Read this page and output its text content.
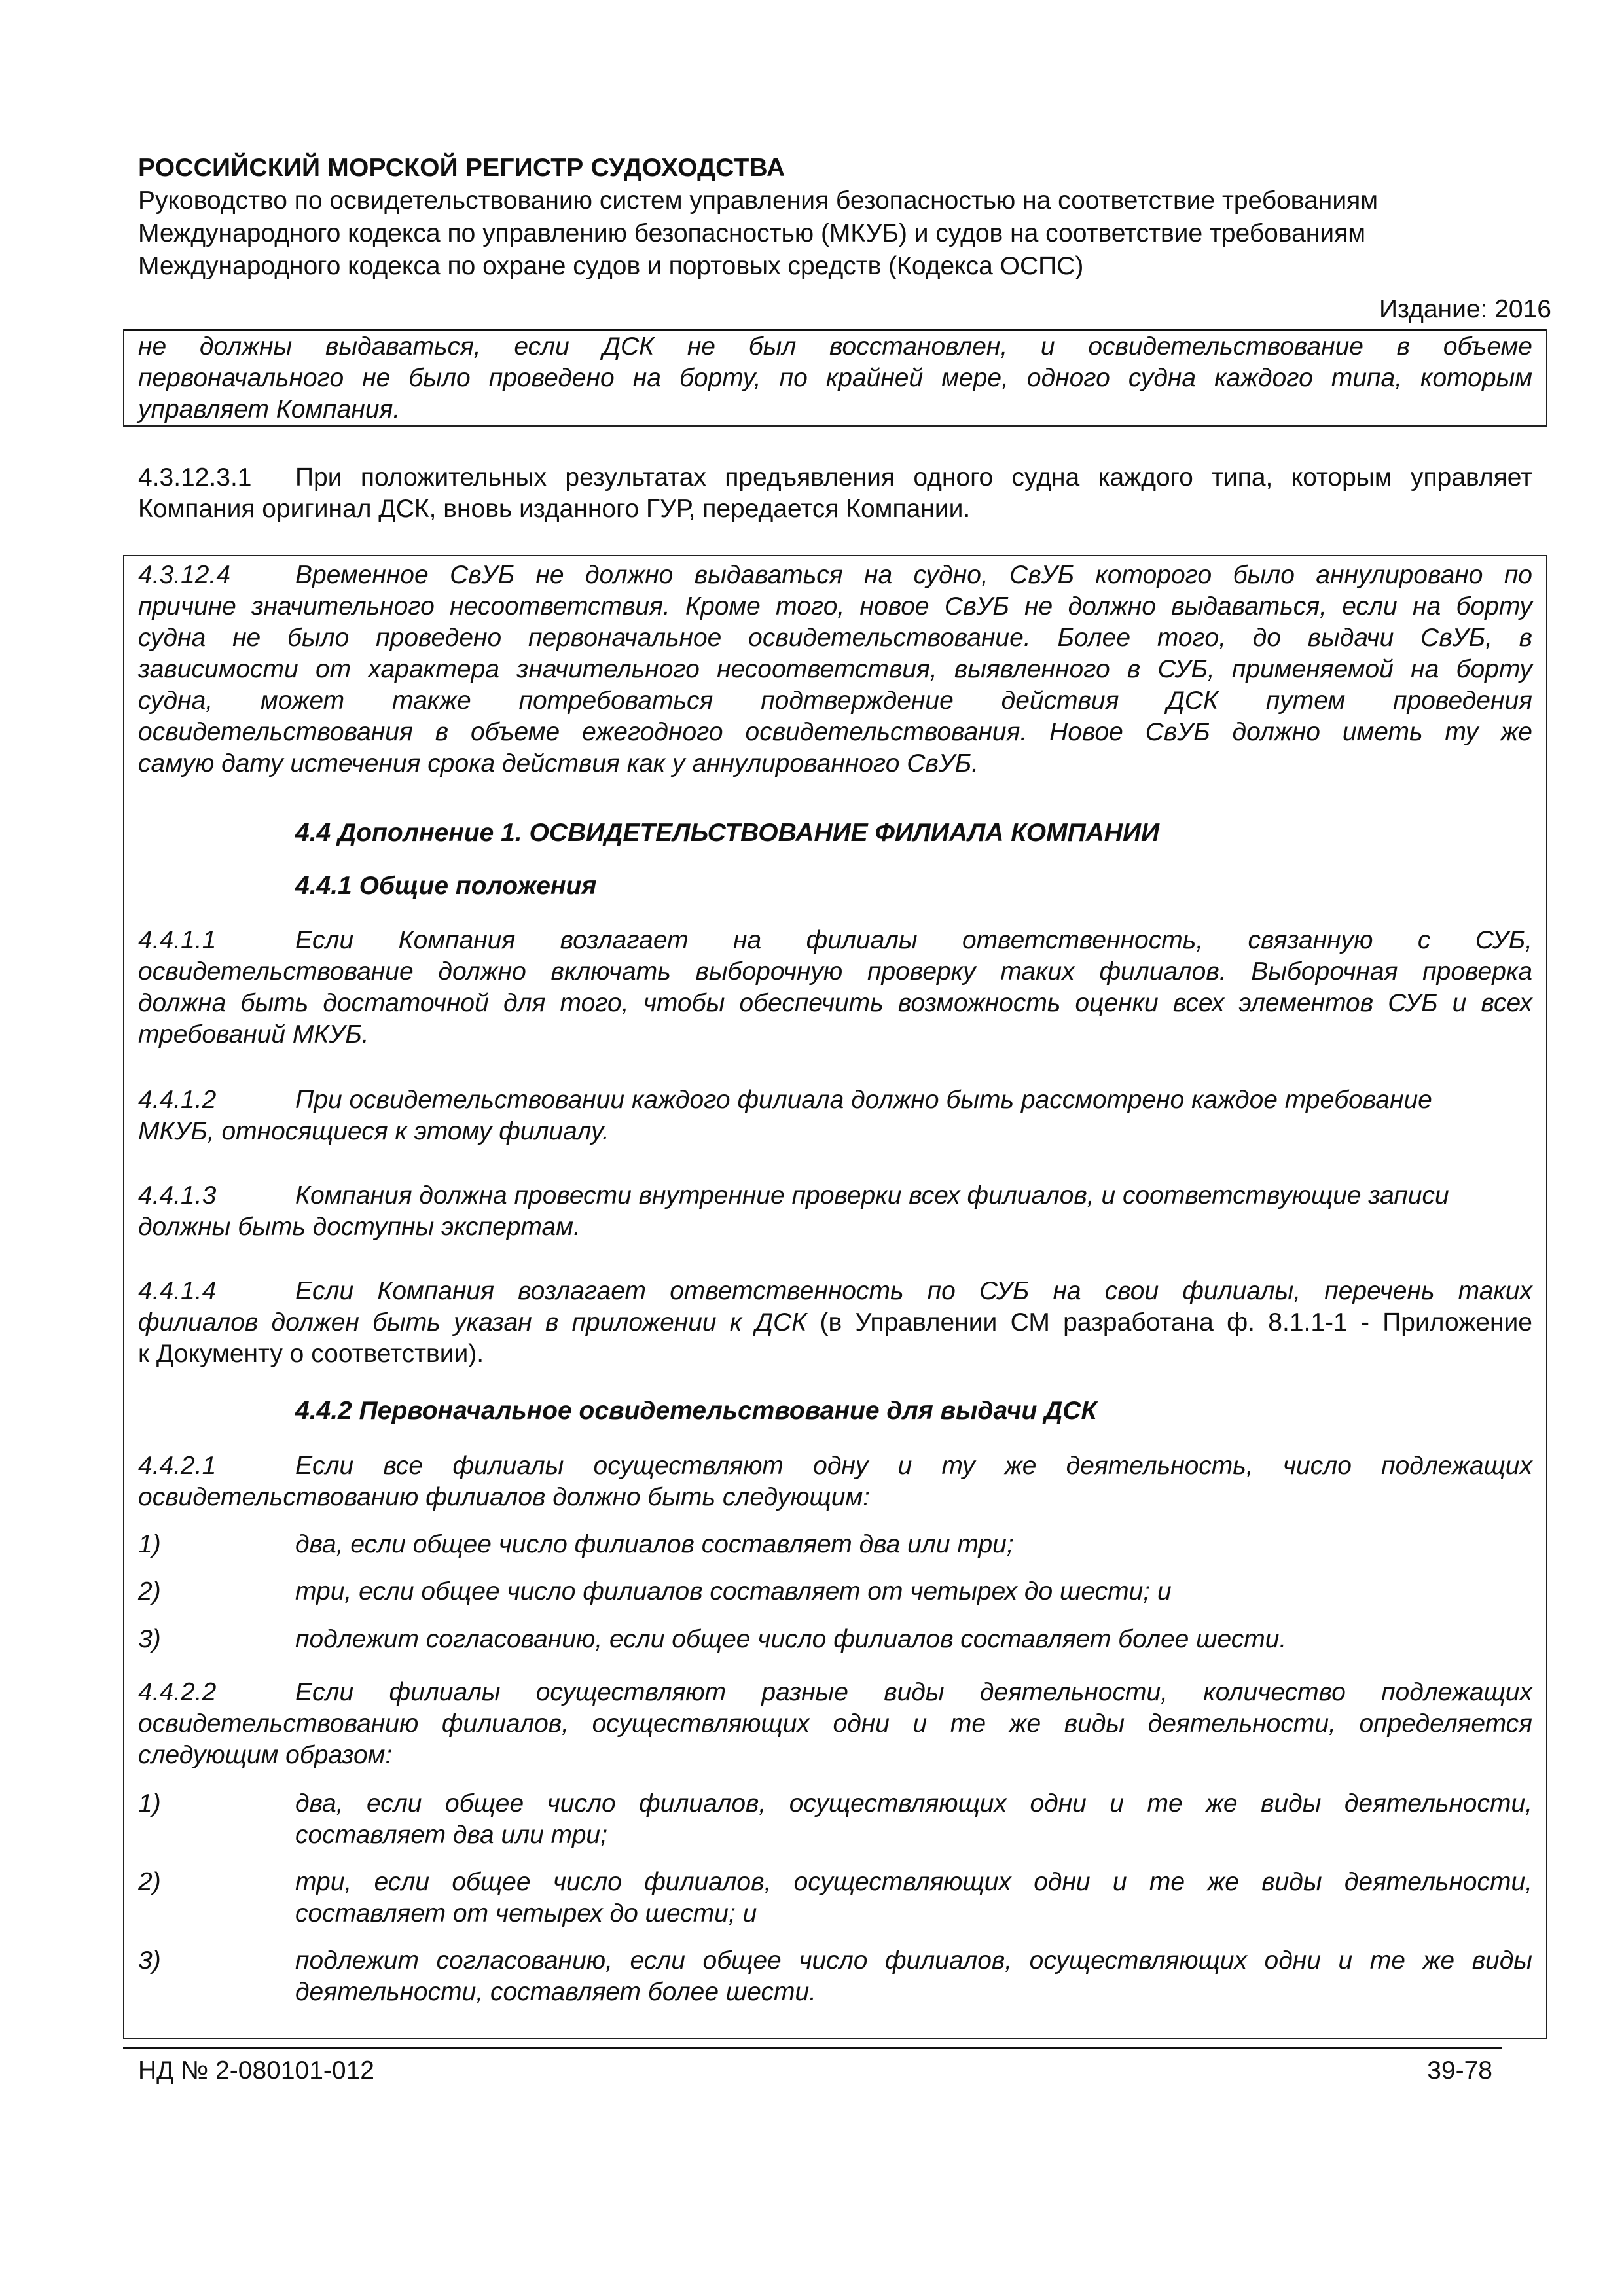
РОССИЙСКИЙ МОРСКОЙ РЕГИСТР СУДОХОДСТВА
Руководство по освидетельствованию систем управления безопасностью на соответствие требованиям
Международного кодекса по управлению безопасностью (МКУБ) и судов на соответствие требованиям
Международного кодекса по охране судов и портовых средств (Кодекса ОСПС)
Издание: 2016
не должны выдаваться, если ДСК не был восстановлен, и освидетельствование в объеме
первоначального не было проведено на борту, по крайней мере, одного судна каждого типа, которым
управляет Компания.
4.3.12.3.1 При положительных результатах предъявления одного судна каждого типа, которым управляет
Компания оригинал ДСК, вновь изданного ГУР, передается Компании.
4.3.12.4	Временное СвУБ не должно выдаваться на судно, СвУБ которого было аннулировано по
причине значительного несоответствия. Кроме того, новое СвУБ не должно выдаваться, если на борту
судна не было проведено первоначальное освидетельствование. Более того, до выдачи СвУБ, в
зависимости от характера значительного несоответствия, выявленного в СУБ, применяемой на борту
судна, может также потребоваться подтверждение действия ДСК путем проведения
освидетельствования в объеме ежегодного освидетельствования. Новое СвУБ должно иметь ту же
самую дату истечения срока действия как у аннулированного СвУБ.
4.4 Дополнение 1. ОСВИДЕТЕЛЬСТВОВАНИЕ ФИЛИАЛА КОМПАНИИ
4.4.1 Общие положения
4.4.1.1	Если Компания возлагает на филиалы ответственность, связанную с СУБ,
освидетельствование должно включать выборочную проверку таких филиалов. Выборочная проверка
должна быть достаточной для того, чтобы обеспечить возможность оценки всех элементов СУБ и всех
требований МКУБ.
4.4.1.2	При освидетельствовании каждого филиала должно быть рассмотрено каждое требование
МКУБ, относящиеся к этому филиалу.
4.4.1.3	Компания должна провести внутренние проверки всех филиалов, и соответствующие записи
должны быть доступны экспертам.
4.4.1.4	Если Компания возлагает ответственность по СУБ на свои филиалы, перечень таких
филиалов должен быть указан в приложении к ДСК (в Управлении СМ разработана ф. 8.1.1-1 - Приложение
к Документу о соответствии).
4.4.2 Первоначальное освидетельствование для выдачи ДСК
4.4.2.1	Если все филиалы осуществляют одну и ту же деятельность, число подлежащих
освидетельствованию филиалов должно быть следующим:
1)	два, если общее число филиалов составляет два или три;
2)	три, если общее число филиалов составляет от четырех до шести; и
3)	подлежит согласованию, если общее число филиалов составляет более шести.
4.4.2.2	Если филиалы осуществляют разные виды деятельности, количество подлежащих
освидетельствованию филиалов, осуществляющих одни и те же виды деятельности, определяется
следующим образом:
1)	два, если общее число филиалов, осуществляющих одни и те же виды деятельности,
составляет два или три;
2)	три, если общее число филиалов, осуществляющих одни и те же виды деятельности,
составляет от четырех до шести; и
3)	подлежит согласованию, если общее число филиалов, осуществляющих одни и те же виды
деятельности, составляет более шести.
НД № 2-080101-012	39-78
